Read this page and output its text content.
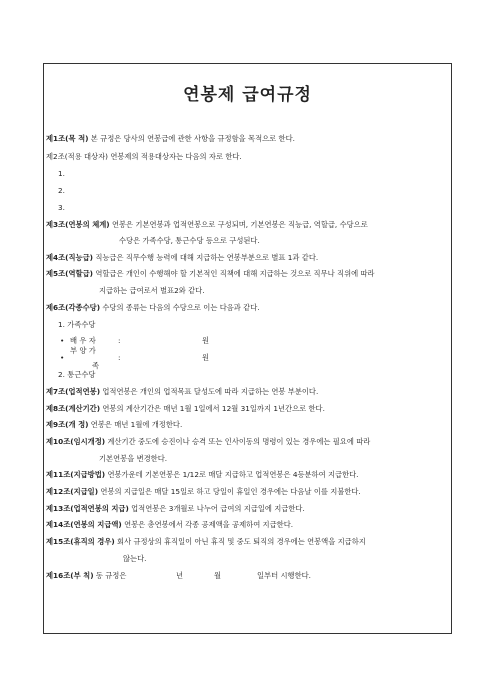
연봉제 급여규정
제1조(목 적) 본 규정은 당사의 연봉급에 관한 사항을 규정함을 목적으로 한다.
제2조(적용 대상자) 연봉제의 적용대상자는 다음의 자로 한다.
1.
2.
3.
제3조(연봉의 체계) 연봉은 기본연봉과 업적연봉으로 구성되며, 기본연봉은 직능급, 역할급, 수당으로
수당은 가족수당, 통근수당 등으로 구성된다.
제4조(직능급) 직능급은 직무수행 능력에 대해 지급하는 연봉부분으로 별표 1과 같다.
제5조(역할급) 역할급은 개인이 수행해야 할 기본적인 직책에 대해 지급하는 것으로 직무나 직위에 따라
지급하는 급여로서 별표2와 같다.
제6조(각종수당) 수당의 종류는 다음의 수당으로 이는 다음과 같다.
1. 가족수당
• 배 우 자	:	원
부 양 가
•	:	원
족
2. 통근수당
제7조(업적연봉) 업적연봉은 개인의 업적목표 달성도에 따라 지급하는 연봉 부분이다.
제8조(계산기간) 연봉의 계산기간은 매년 1월 1일에서 12월 31일까지 1년간으로 한다.
제9조(개 정) 연봉은 매년 1월에 개정한다.
제10조(임시개정) 계산기간 중도에 승진이나 승격 또는 인사이동의 명령이 있는 경우에는 필요에 따라
기본연봉을 변경한다.
제11조(지급방법) 연봉가운데 기본연봉은 1/12로 매달 지급하고 업적연봉은 4등분하여 지급한다.
제12조(지급일) 연봉의 지급일은 매달 15일로 하고 당일이 휴일인 경우에는 다음날 이를 지불한다.
제13조(업적연봉의 지급) 업적연봉은 3개월로 나누어 급여의 지급일에 지급한다.
제14조(연봉의 지급액) 연봉은 총연봉에서 각종 공제액을 공제하여 지급한다.
제15조(휴직의 경우) 회사 규정상의 휴직일이 아닌 휴직 및 중도 퇴직의 경우에는 연봉액을 지급하지
않는다.
제16조(부 칙) 동 규정은	년	월	일부터 시행한다.
